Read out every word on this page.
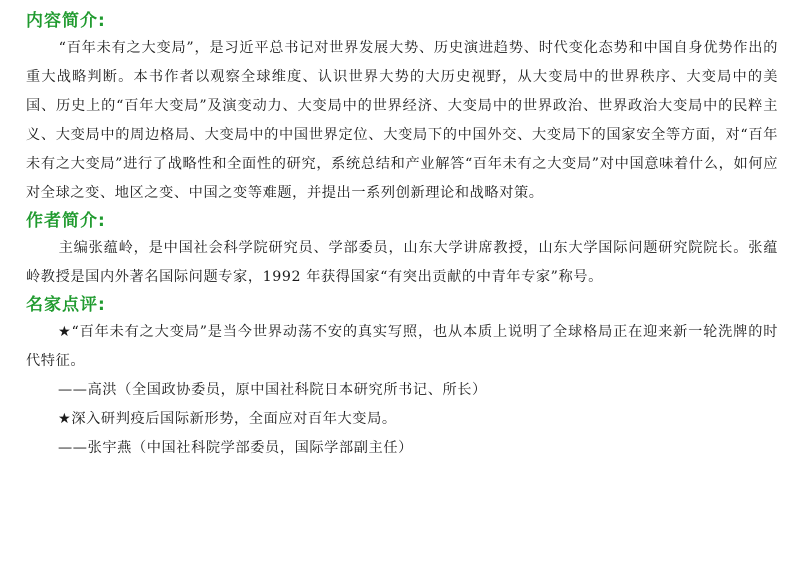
内容简介:

“百年未有之大变局”，是习近平总书记对世界发展大势、历史演进趋势、时代变化态势和中国自身优势作出的重大战略判断。本书作者以观察全球维度、认识世界大势的大历史视野，从大变局中的世界秩序、大变局中的美国、历史上的“百年大变局”及演变动力、大变局中的世界经济、大变局中的世界政治、世界政治大变局中的民粹主义、大变局中的周边格局、大变局中的中国世界定位、大变局下的中国外交、大变局下的国家安全等方面，对“百年未有之大变局”进行了战略性和全面性的研究，系统总结和产业解答“百年未有之大变局”对中国意味着什么，如何应对全球之变、地区之变、中国之变等难题，并提出一系列创新理论和战略对策。

作者简介:

主编张蕴岭，是中国社会科学院研究员、学部委员，山东大学讲席教授，山东大学国际问题研究院院长。张蕴岭教授是国内外著名国际问题专家，1992 年获得国家“有突出贡献的中青年专家”称号。

名家点评:

★“百年未有之大变局”是当今世界动荡不安的真实写照，也从本质上说明了全球格局正在迎来新一轮洗牌的时代特征。

——高洪（全国政协委员，原中国社科院日本研究所书记、所长）

★深入研判疫后国际新形势，全面应对百年大变局。

——张宇燕（中国社科院学部委员，国际学部副主任）
